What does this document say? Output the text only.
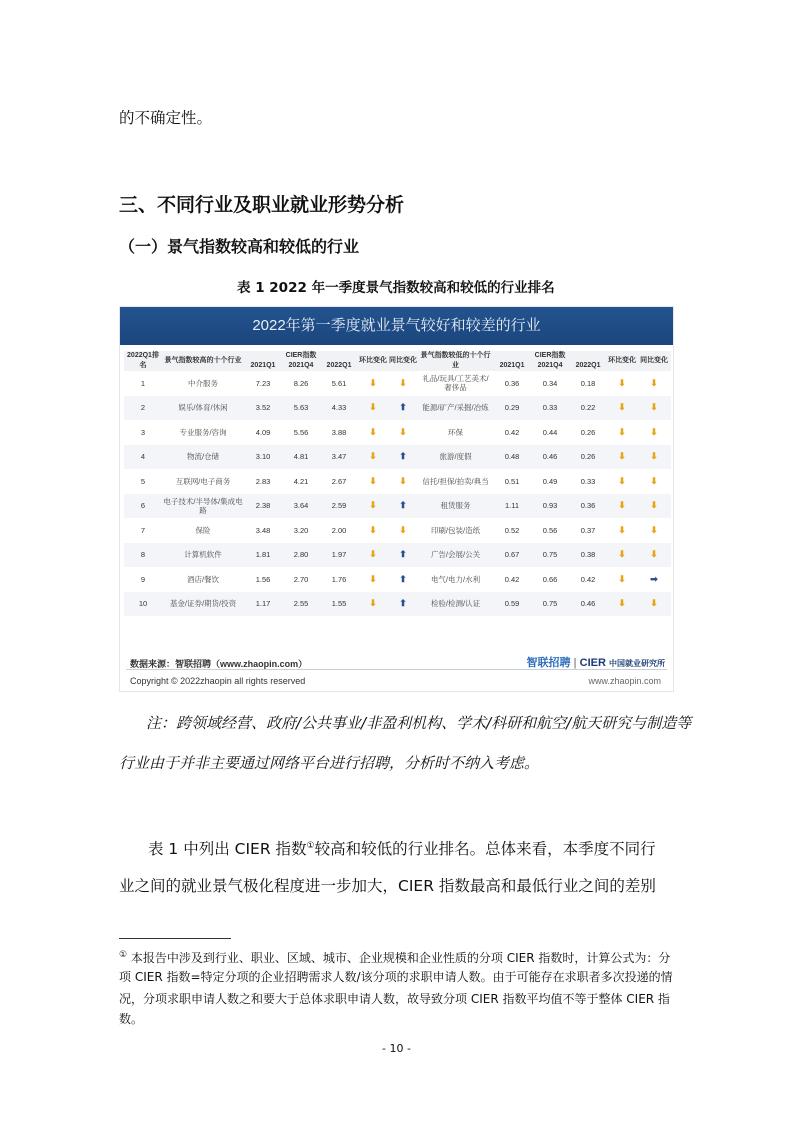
的不确定性。
三、不同行业及职业就业形势分析
（一）景气指数较高和较低的行业
表 1 2022 年一季度景气指数较高和较低的行业排名
2022年第一季度就业景气较好和较差的行业
2022Q1排名	景气指数较高的十个行业	CIER指数			环比变化	同比变化	景气指数较低的十个行业	CIER指数			环比变化	同比变化
		2021Q1	2021Q4	2022Q1				2021Q1	2021Q4	2022Q1		
1	中介服务	7.23	8.26	5.61	⬇	⬇	礼品/玩具/工艺美术/奢侈品	0.36	0.34	0.18	⬇	⬇
2	娱乐/体育/休闲	3.52	5.63	4.33	⬇	⬆	能源/矿产/采掘/冶炼	0.29	0.33	0.22	⬇	⬇
3	专业服务/咨询	4.09	5.56	3.88	⬇	⬇	环保	0.42	0.44	0.26	⬇	⬇
4	物流/仓储	3.10	4.81	3.47	⬇	⬆	旅游/度假	0.48	0.46	0.26	⬇	⬇
5	互联网/电子商务	2.83	4.21	2.67	⬇	⬇	信托/担保/拍卖/典当	0.51	0.49	0.33	⬇	⬇
6	电子技术/半导体/集成电路	2.38	3.64	2.59	⬇	⬆	租赁服务	1.11	0.93	0.36	⬇	⬇
7	保险	3.48	3.20	2.00	⬇	⬇	印刷/包装/造纸	0.52	0.56	0.37	⬇	⬇
8	计算机软件	1.81	2.80	1.97	⬇	⬆	广告/会展/公关	0.67	0.75	0.38	⬇	⬇
9	酒店/餐饮	1.56	2.70	1.76	⬇	⬆	电气/电力/水利	0.42	0.66	0.42	⬇	➡
10	基金/证券/期货/投资	1.17	2.55	1.55	⬇	⬆	检验/检测/认证	0.59	0.75	0.46	⬇	⬇
数据来源：智联招聘（www.zhaopin.com）	智联招聘 | CIER 中国就业研究所
Copyright © 2022zhaopin all rights reserved	www.zhaopin.com
注：跨领域经营、政府/公共事业/非盈利机构、学术/科研和航空/航天研究与制造等
行业由于并非主要通过网络平台进行招聘，分析时不纳入考虑。
表 1 中列出 CIER 指数①较高和较低的行业排名。总体来看，本季度不同行
业之间的就业景气极化程度进一步加大，CIER 指数最高和最低行业之间的差别
① 本报告中涉及到行业、职业、区域、城市、企业规模和企业性质的分项 CIER 指数时，计算公式为：分
项 CIER 指数=特定分项的企业招聘需求人数/该分项的求职申请人数。由于可能存在求职者多次投递的情
况，分项求职申请人数之和要大于总体求职申请人数，故导致分项 CIER 指数平均值不等于整体 CIER 指
数。
- 10 -
